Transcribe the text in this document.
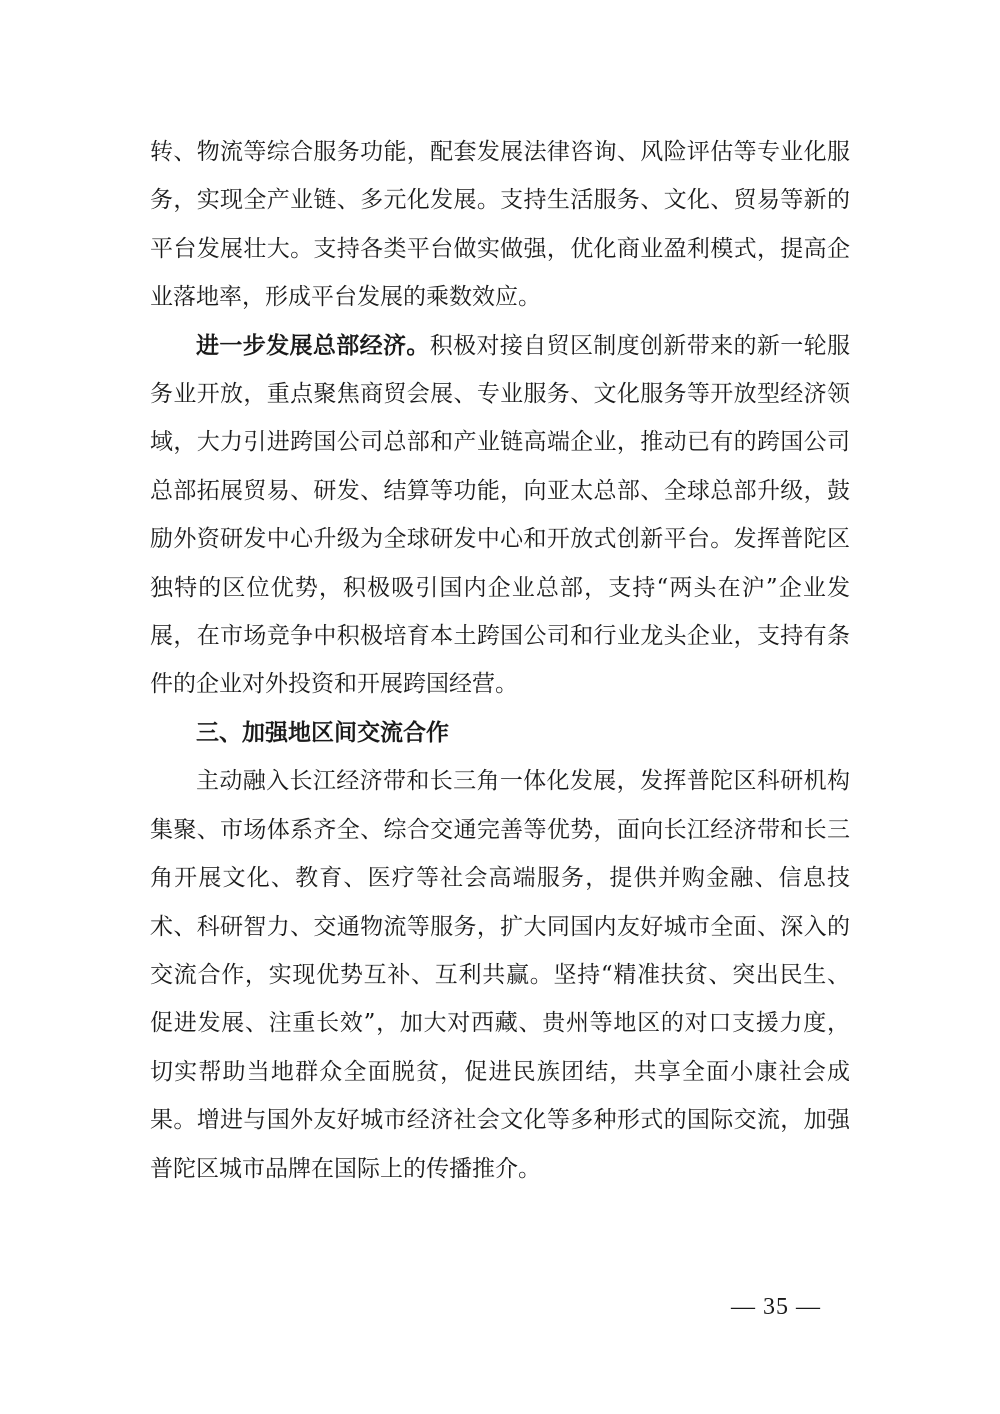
转、物流等综合服务功能，配套发展法律咨询、风险评估等专业化服务，实现全产业链、多元化发展。支持生活服务、文化、贸易等新的平台发展壮大。支持各类平台做实做强，优化商业盈利模式，提高企业落地率，形成平台发展的乘数效应。

进一步发展总部经济。积极对接自贸区制度创新带来的新一轮服务业开放，重点聚焦商贸会展、专业服务、文化服务等开放型经济领域，大力引进跨国公司总部和产业链高端企业，推动已有的跨国公司总部拓展贸易、研发、结算等功能，向亚太总部、全球总部升级，鼓励外资研发中心升级为全球研发中心和开放式创新平台。发挥普陀区独特的区位优势，积极吸引国内企业总部，支持“两头在沪”企业发展，在市场竞争中积极培育本土跨国公司和行业龙头企业，支持有条件的企业对外投资和开展跨国经营。

三、加强地区间交流合作

主动融入长江经济带和长三角一体化发展，发挥普陀区科研机构集聚、市场体系齐全、综合交通完善等优势，面向长江经济带和长三角开展文化、教育、医疗等社会高端服务，提供并购金融、信息技术、科研智力、交通物流等服务，扩大同国内友好城市全面、深入的交流合作，实现优势互补、互利共赢。坚持“精准扶贫、突出民生、促进发展、注重长效”，加大对西藏、贵州等地区的对口支援力度，切实帮助当地群众全面脱贫，促进民族团结，共享全面小康社会成果。增进与国外友好城市经济社会文化等多种形式的国际交流，加强普陀区城市品牌在国际上的传播推介。

— 35 —
